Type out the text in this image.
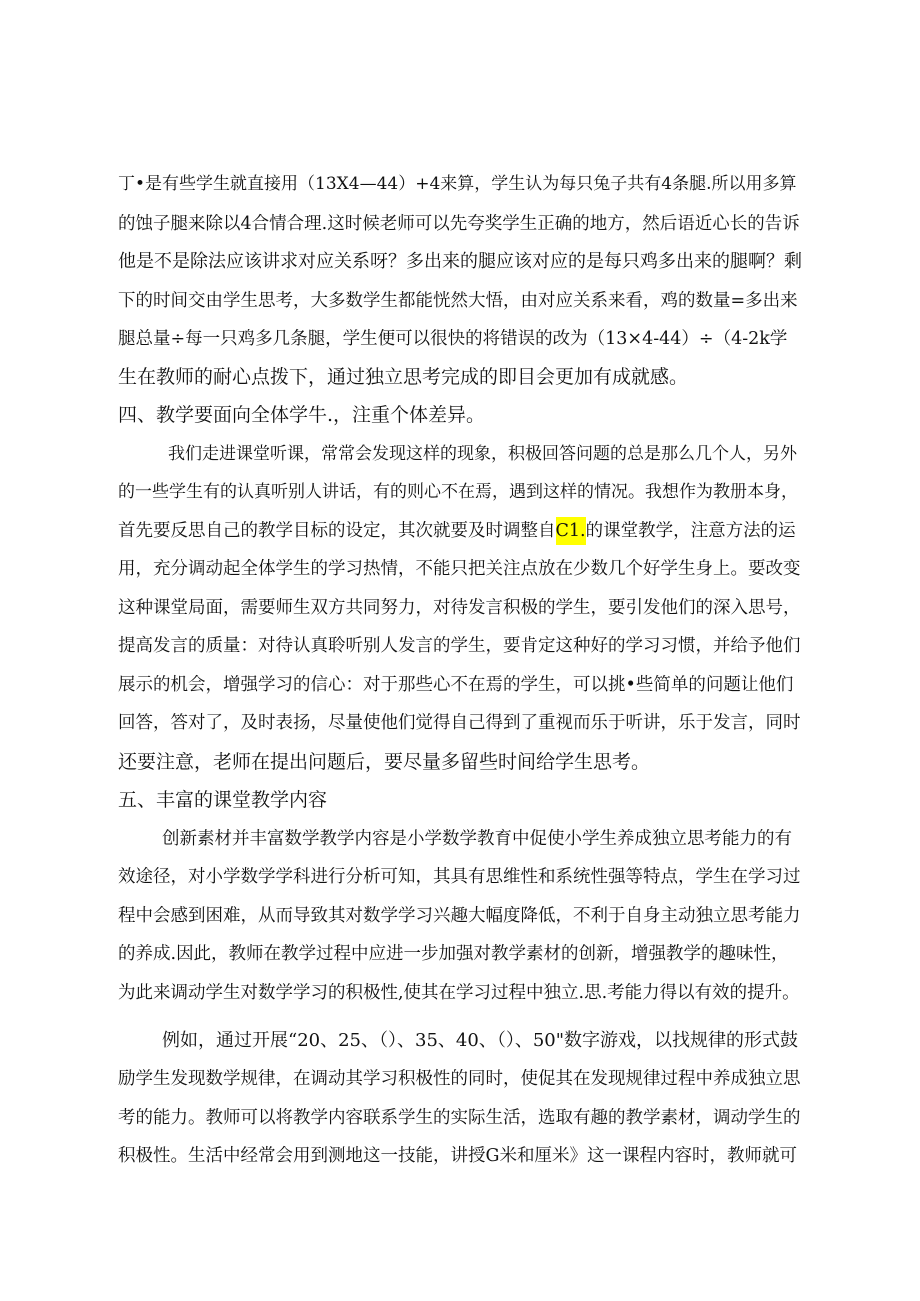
丁•是有些学生就直接用（13X4—44）+4来算，学生认为每只兔子共有4条腿.所以用多算
的蚀子腿来除以4合情合理.这时候老师可以先夸奖学生正确的地方，然后语近心长的告诉
他是不是除法应该讲求对应关系呀？多出来的腿应该对应的是每只鸡多出来的腿啊？剩
下的时间交由学生思考，大多数学生都能恍然大悟，由对应关系来看，鸡的数量=多出来
腿总量÷每一只鸡多几条腿，学生便可以很快的将错误的改为（13×4-44）÷（4-2k学
生在教师的耐心点拨下，通过独立思考完成的即目会更加有成就感。
四、教学要面向全体学牛.，注重个体差异。
我们走进课堂听课，常常会发现这样的现象，积极回答问题的总是那么几个人，另外
的一些学生有的认真听别人讲话，有的则心不在焉，遇到这样的情况。我想作为教册本身，
首先要反思自己的教学目标的设定，其次就要及时调整自C1.的课堂教学，注意方法的运
用，充分调动起全体学生的学习热情，不能只把关注点放在少数几个好学生身上。要改变
这种课堂局面，需要师生双方共同努力，对待发言积极的学生，要引发他们的深入思号，
提高发言的质量：对待认真聆听别人发言的学生，要肯定这种好的学习习惯，并给予他们
展示的机会，增强学习的信心：对于那些心不在焉的学生，可以挑•些简单的问题让他们
回答，答对了，及时表扬，尽量使他们觉得自己得到了重视而乐于听讲，乐于发言，同时
还要注意，老师在提出问题后，要尽量多留些时间给学生思考。
五、丰富的课堂教学内容
创新素材并丰富数学教学内容是小学数学教育中促使小学生养成独立思考能力的有
效途径，对小学数学学科进行分析可知，其具有思维性和系统性强等特点，学生在学习过
程中会感到困难，从而导致其对数学学习兴趣大幅度降低，不利于自身主动独立思考能力
的养成.因此，教师在教学过程中应进一步加强对教学素材的创新，增强教学的趣味性，
为此来调动学生对数学学习的积极性,使其在学习过程中独立.思.考能力得以有效的提升。
例如，通过开展“20、25、（）、35、40、（）、50"数字游戏，以找规律的形式鼓
励学生发现数学规律，在调动其学习积极性的同时，使促其在发现规律过程中养成独立思
考的能力。教师可以将教学内容联系学生的实际生活，选取有趣的教学素材，调动学生的
积极性。生活中经常会用到测地这一技能，讲授G米和厘米》这一课程内容时，教师就可
